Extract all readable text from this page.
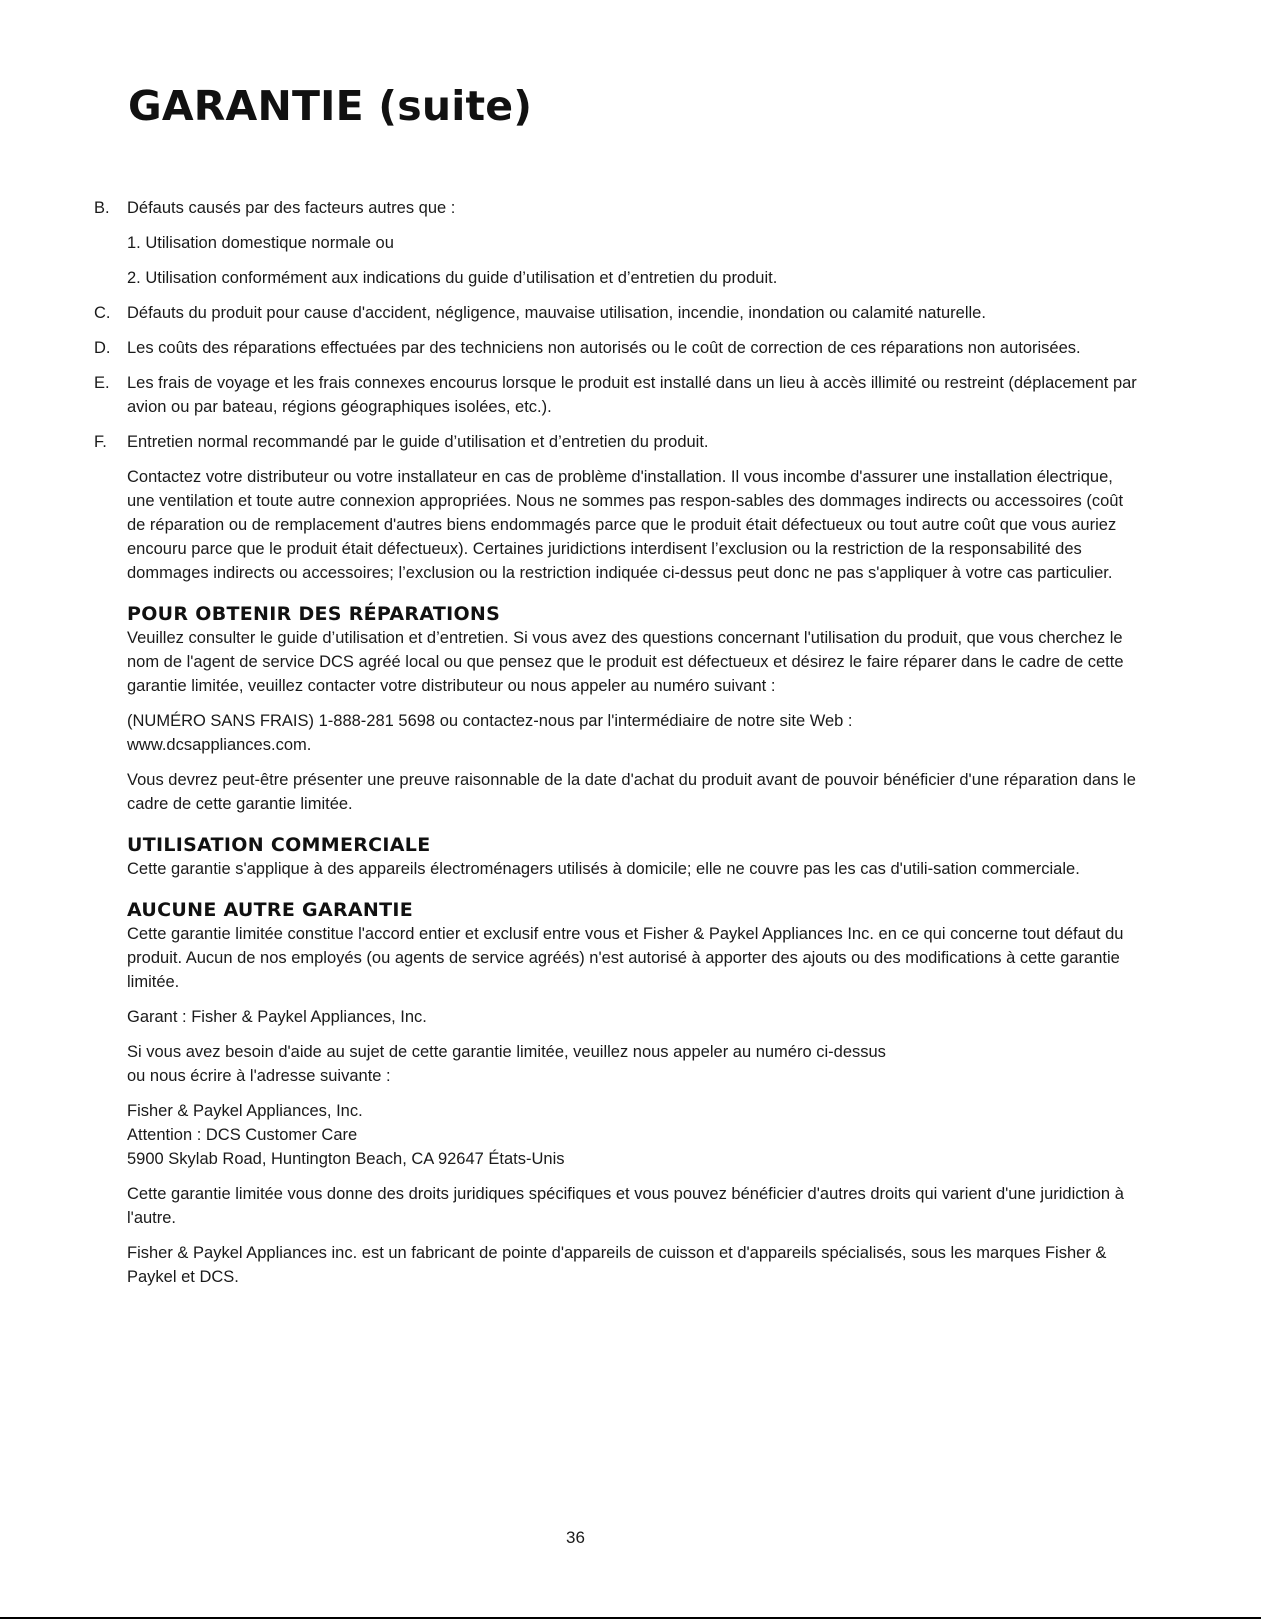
GARANTIE (suite)
B.	Défauts causés par des facteurs autres que :
1. Utilisation domestique normale ou
2. Utilisation conformément aux indications du guide d’utilisation et d’entretien du produit.
C.	Défauts du produit pour cause d'accident, négligence, mauvaise utilisation, incendie, inondation ou calamité naturelle.
D.	Les coûts des réparations effectuées par des techniciens non autorisés ou le coût de correction de ces réparations non autorisées.
E.	Les frais de voyage et les frais connexes encourus lorsque le produit est installé dans un lieu à accès illimité ou restreint (déplacement par avion ou par bateau, régions géographiques isolées, etc.).
F.	Entretien normal recommandé par le guide d’utilisation et d’entretien du produit.

Contactez votre distributeur ou votre installateur en cas de problème d'installation. Il vous incombe d'assurer une installation électrique, une ventilation et toute autre connexion appropriées. Nous ne sommes pas respon-sables des dommages indirects ou accessoires (coût de réparation ou de remplacement d'autres biens endommagés parce que le produit était défectueux ou tout autre coût que vous auriez encouru parce que le produit était défectueux). Certaines juridictions interdisent l’exclusion ou la restriction de la responsabilité des dommages indirects ou accessoires; l’exclusion ou la restriction indiquée ci-dessus peut donc ne pas s'appliquer à votre cas particulier.

POUR OBTENIR DES RÉPARATIONS

Veuillez consulter le guide d’utilisation et d’entretien. Si vous avez des questions concernant l'utilisation du produit, que vous cherchez le nom de l'agent de service DCS agréé local ou que pensez que le produit est défectueux et désirez le faire réparer dans le cadre de cette garantie limitée, veuillez contacter votre distributeur ou nous appeler au numéro suivant :

(NUMÉRO SANS FRAIS) 1-888-281 5698 ou contactez-nous par l'intermédiaire de notre site Web :
www.dcsappliances.com.

Vous devrez peut-être présenter une preuve raisonnable de la date d'achat du produit avant de pouvoir bénéficier d'une réparation dans le cadre de cette garantie limitée.

UTILISATION COMMERCIALE

Cette garantie s'applique à des appareils électroménagers utilisés à domicile; elle ne couvre pas les cas d'utili-sation commerciale.

AUCUNE AUTRE GARANTIE

Cette garantie limitée constitue l'accord entier et exclusif entre vous et Fisher & Paykel Appliances Inc. en ce qui concerne tout défaut du produit. Aucun de nos employés (ou agents de service agréés) n'est autorisé à apporter des ajouts ou des modifications à cette garantie limitée.

Garant : Fisher & Paykel Appliances, Inc.

Si vous avez besoin d'aide au sujet de cette garantie limitée, veuillez nous appeler au numéro ci-dessus
ou nous écrire à l'adresse suivante :

Fisher & Paykel Appliances, Inc.
Attention : DCS Customer Care
5900 Skylab Road, Huntington Beach, CA 92647 États-Unis

Cette garantie limitée vous donne des droits juridiques spécifiques et vous pouvez bénéficier d'autres droits qui varient d'une juridiction à l'autre.

Fisher & Paykel Appliances inc. est un fabricant de pointe d'appareils de cuisson et d'appareils spécialisés, sous les marques Fisher & Paykel et DCS.

36
